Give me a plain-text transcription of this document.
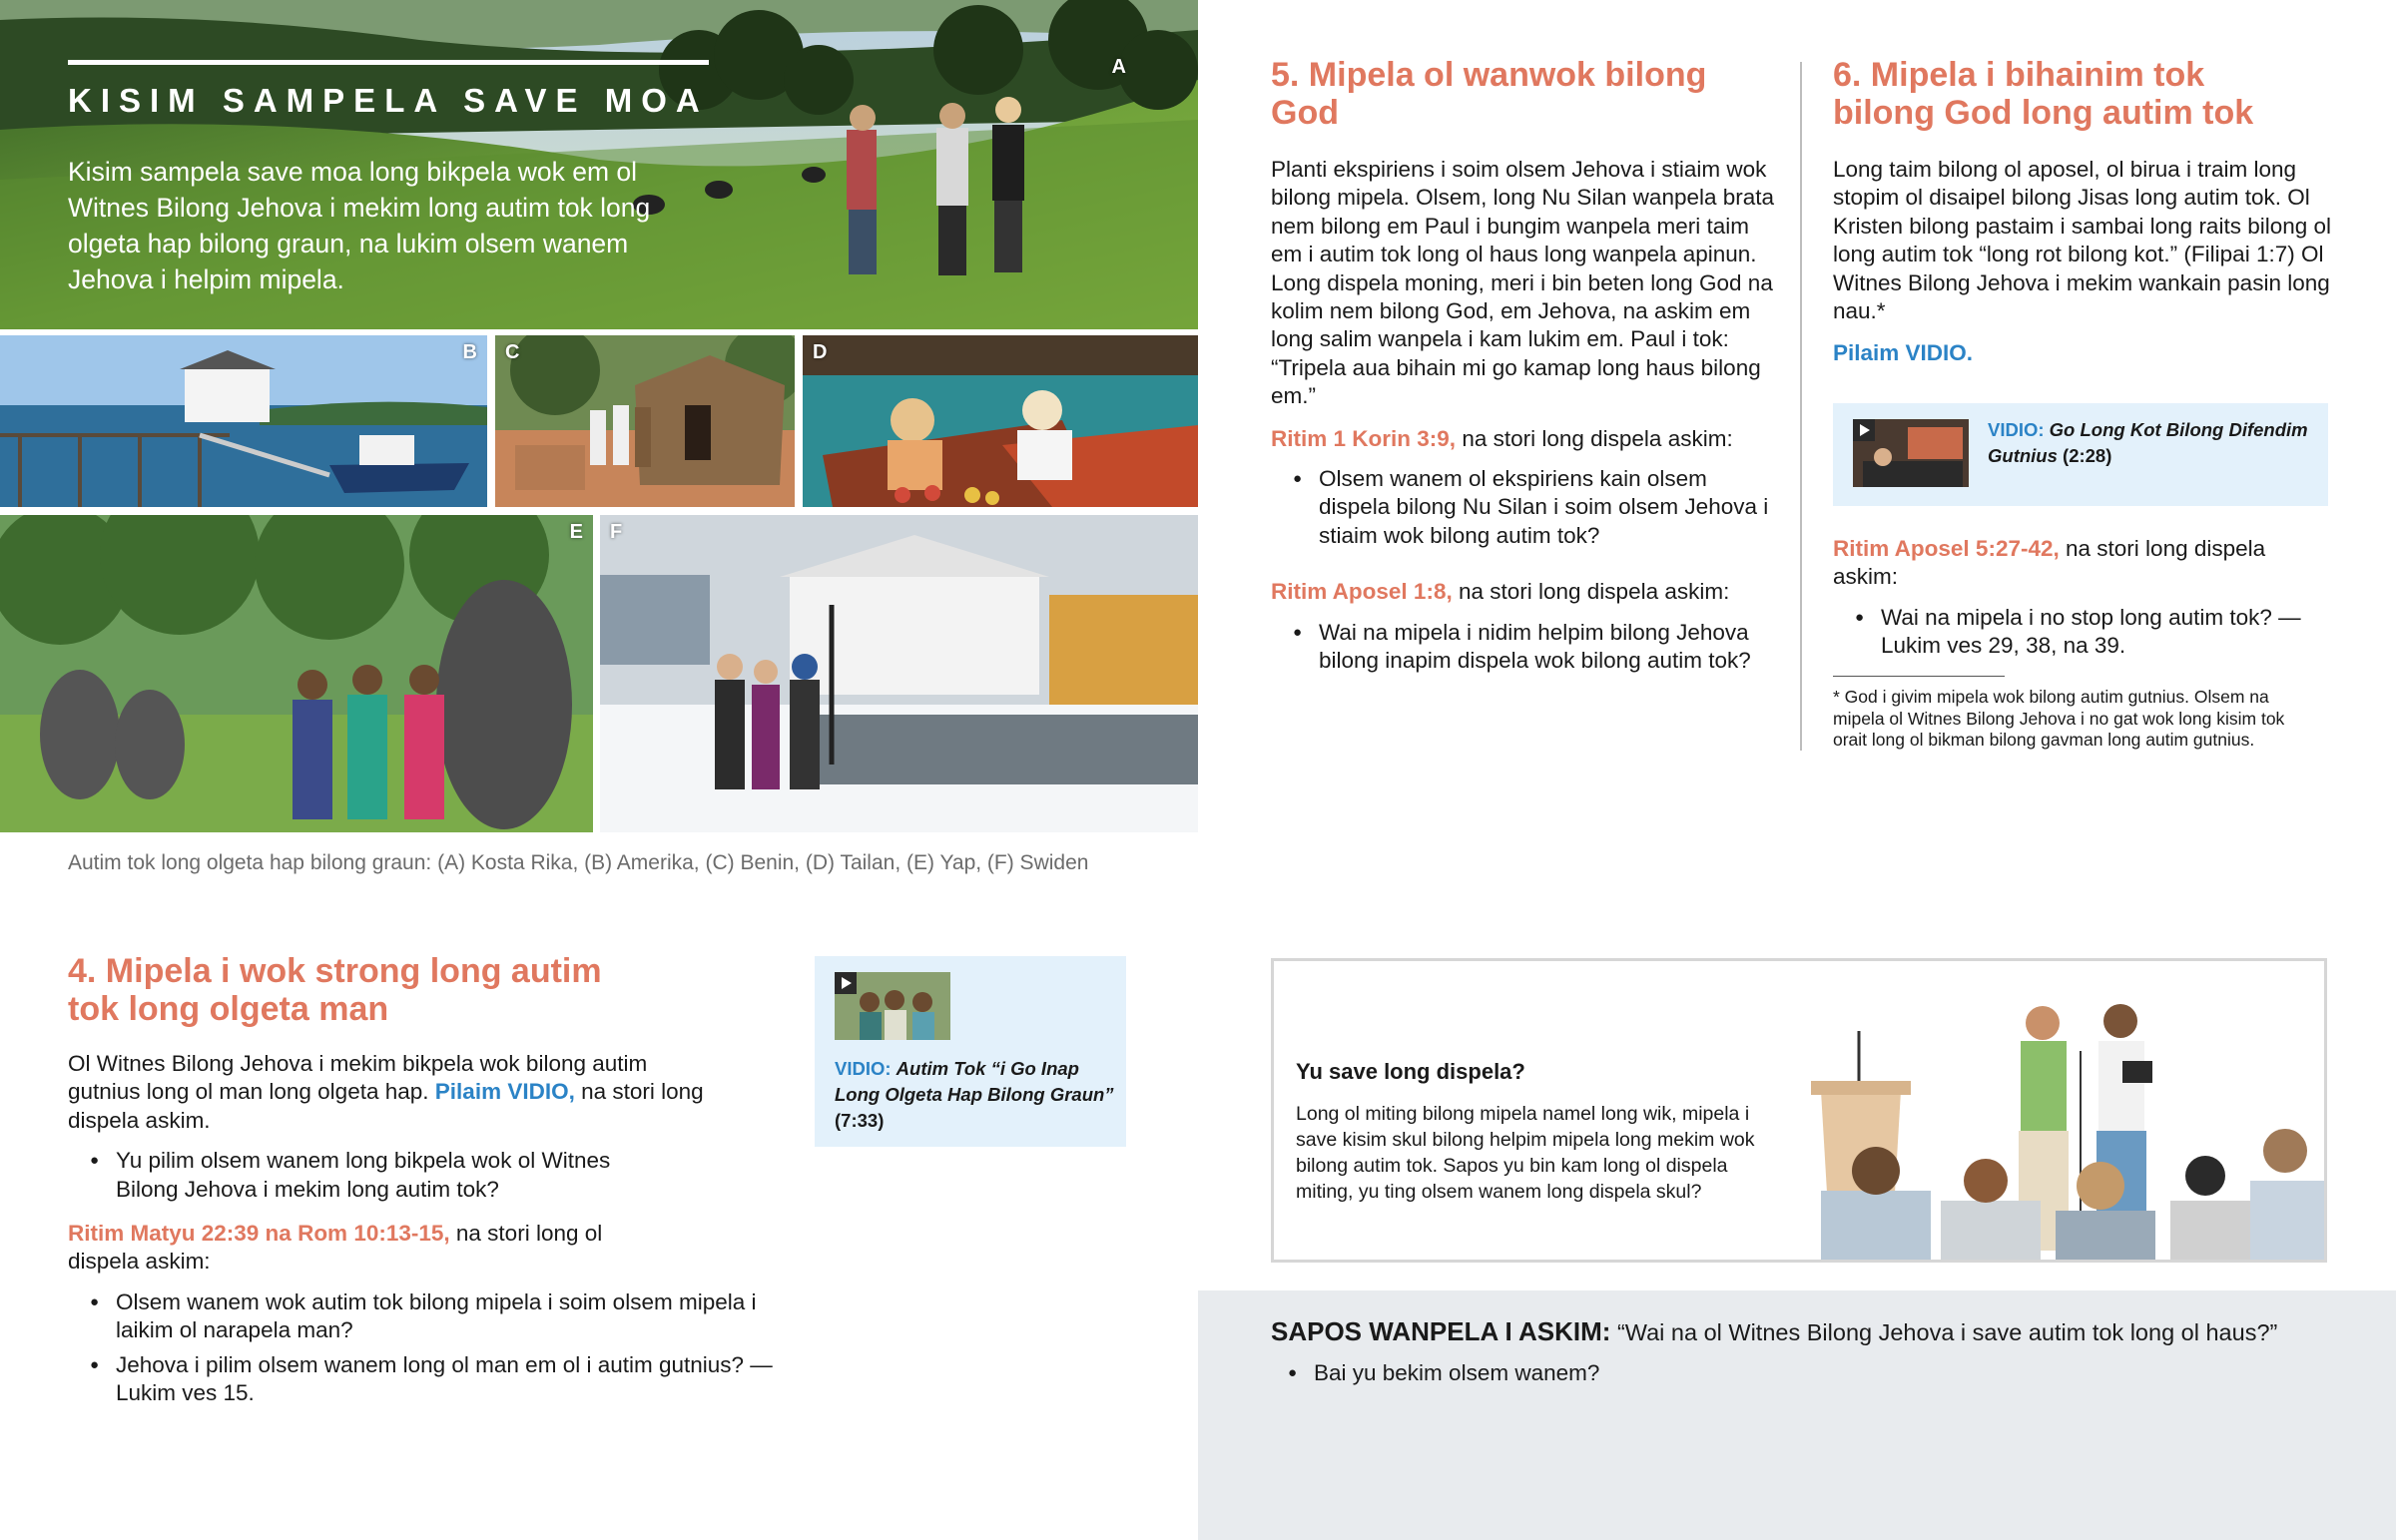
KISIM SAMPELA SAVE MOA
Kisim sampela save moa long bikpela wok em ol Witnes Bilong Jehova i mekim long autim tok long olgeta hap bilong graun, na lukim olsem wanem Jehova i helpim mipela.
A
B C	D
E F
Autim tok long olgeta hap bilong graun: (A) Kosta Rika, (B) Amerika, (C) Benin, (D) Tailan, (E) Yap, (F) Swiden
4. Mipela i wok strong long autim tok long olgeta man

Ol Witnes Bilong Jehova i mekim bikpela wok bilong autim gutnius long ol man long olgeta hap. Pilaim VIDIO, na stori long dispela askim.

● Yu pilim olsem wanem long bikpela wok ol Witnes Bilong Jehova i mekim long autim tok?

Ritim Matyu 22:39 na Rom 10:13-15, na stori long ol dispela askim:

● Olsem wanem wok autim tok bilong mipela i soim olsem mipela i laikim ol narapela man?
● Jehova i pilim olsem wanem long ol man em ol i autim gutnius? —Lukim ves 15.
VIDIO: Autim Tok “i Go Inap Long Olgeta Hap Bilong Graun” (7:33)
5. Mipela ol wanwok bilong God

Planti ekspiriens i soim olsem Jehova i stiaim wok bilong mipela. Olsem, long Nu Silan wanpela brata nem bilong em Paul i bungim wanpela meri taim em i autim tok long ol haus long wanpela apinun. Long dispela moning, meri i bin beten long God na kolim nem bilong God, em Jehova, na askim em long salim wanpela i kam lukim em. Paul i tok: “Tripela aua bihain mi go kamap long haus bilong em.”

Ritim 1 Korin 3:9, na stori long dispela askim:

● Olsem wanem ol ekspiriens kain olsem dispela bilong Nu Silan i soim olsem Jehova i stiaim wok bilong autim tok?

Ritim Aposel 1:8, na stori long dispela askim:

● Wai na mipela i nidim helpim bilong Jehova bilong inapim dispela wok bilong autim tok?
6. Mipela i bihainim tok bilong God long autim tok

Long taim bilong ol aposel, ol birua i traim long stopim ol disaipel bilong Jisas long autim tok. Ol Kristen bilong pastaim i sambai long raits bilong ol long autim tok “long rot bilong kot.” (Filipai 1:7) Ol Witnes Bilong Jehova i mekim wankain pasin long nau.*

Pilaim VIDIO.

VIDIO: Go Long Kot Bilong Difendim Gutnius (2:28)

Ritim Aposel 5:27-42, na stori long dispela askim:

● Wai na mipela i no stop long autim tok? —Lukim ves 29, 38, na 39.
* God i givim mipela wok bilong autim gutnius. Olsem na mipela ol Witnes Bilong Jehova i no gat wok long kisim tok orait long ol bikman bilong gavman long autim gutnius.
Yu save long dispela?
Long ol miting bilong mipela namel long wik, mipela i save kisim skul bilong helpim mipela long mekim wok bilong autim tok. Sapos yu bin kam long ol dispela miting, yu ting olsem wanem long dispela skul?
SAPOS WANPELA I ASKIM: “Wai na ol Witnes Bilong Jehova i save autim tok long ol haus?”
● Bai yu bekim olsem wanem?
